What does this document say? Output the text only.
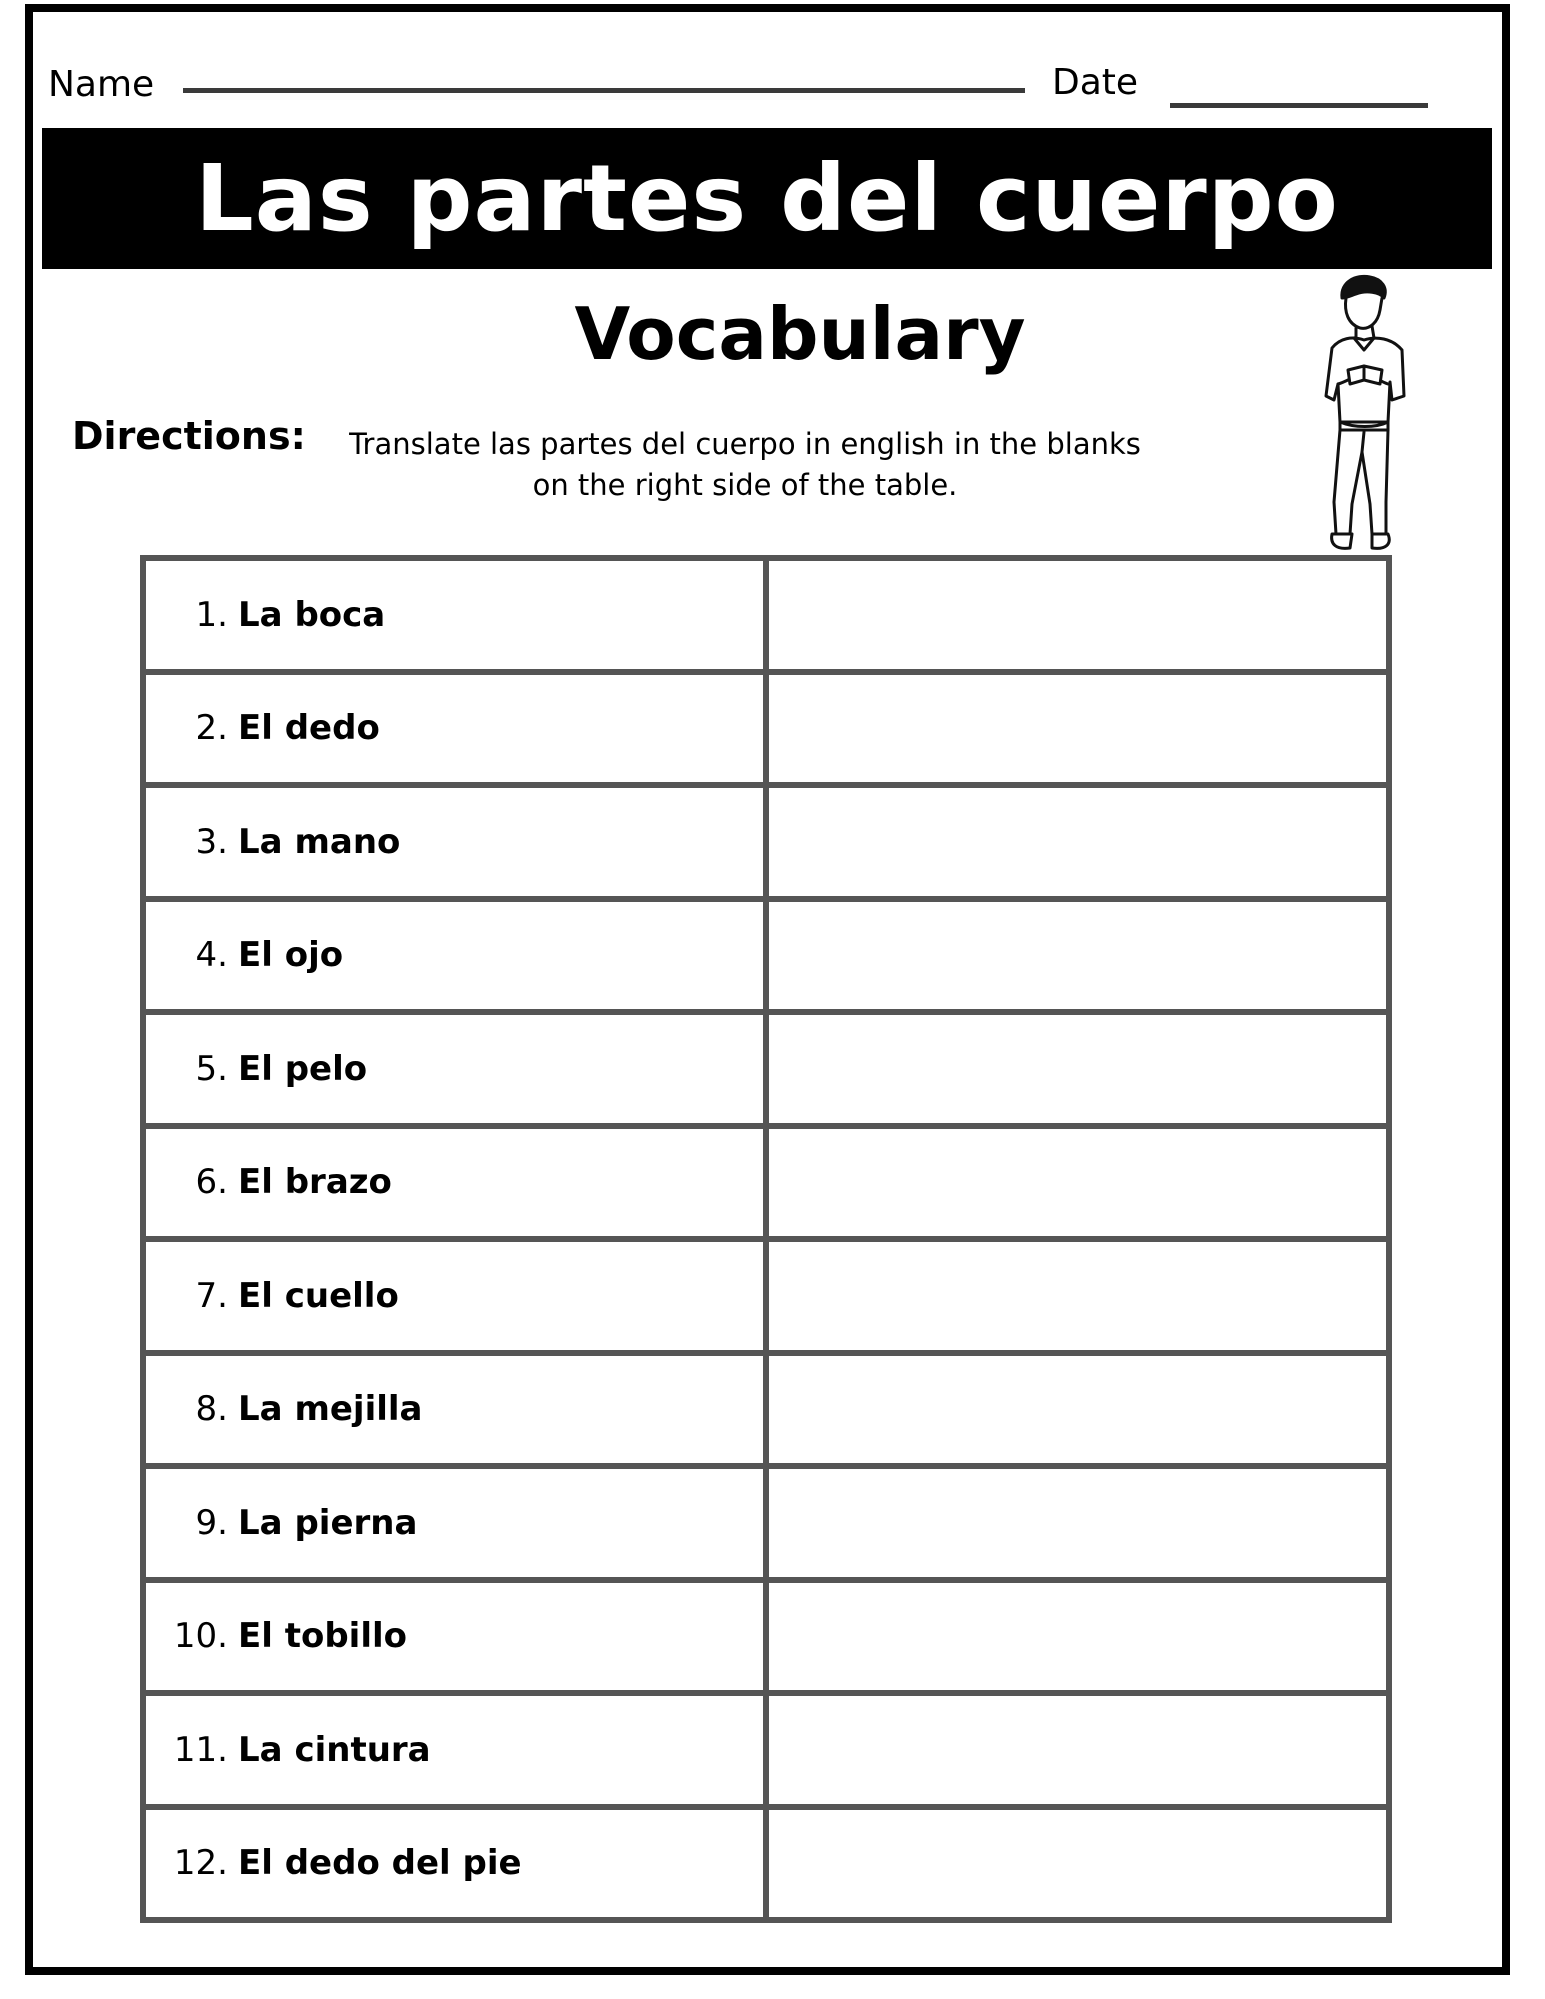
Name	Date
Las partes del cuerpo
Vocabulary
Directions:	Translate las partes del cuerpo in english in the blanks on the right side of the table.
1. La boca
2. El dedo
3. La mano
4. El ojo
5. El pelo
6. El brazo
7. El cuello
8. La mejilla
9. La pierna
10. El tobillo
11. La cintura
12. El dedo del pie
